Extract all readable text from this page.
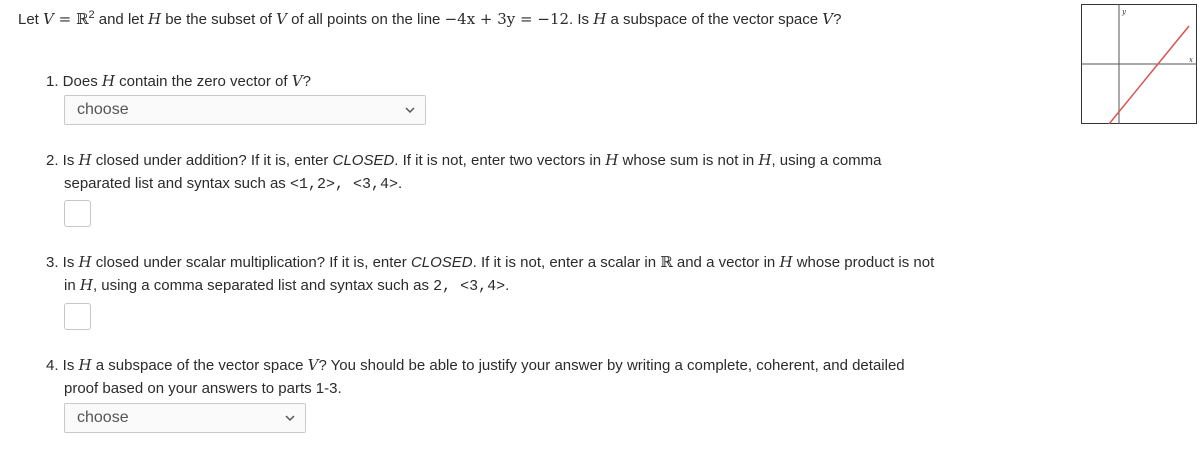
Let V = ℝ$^2$ and let H be the subset of V of all points on the line −4x + 3y = −12. Is H a subspace of the vector space V?	y
x
1. Does H contain the zero vector of V?
choose
2. Is H closed under addition? If it is, enter CLOSED. If it is not, enter two vectors in H whose sum is not in H, using a comma
separated list and syntax such as <1,2>, <3,4>.
3. Is H closed under scalar multiplication? If it is, enter CLOSED. If it is not, enter a scalar in ℝ and a vector in H whose product is not
in H, using a comma separated list and syntax such as 2, <3,4>.
4. Is H a subspace of the vector space V? You should be able to justify your answer by writing a complete, coherent, and detailed
proof based on your answers to parts 1-3.
choose
